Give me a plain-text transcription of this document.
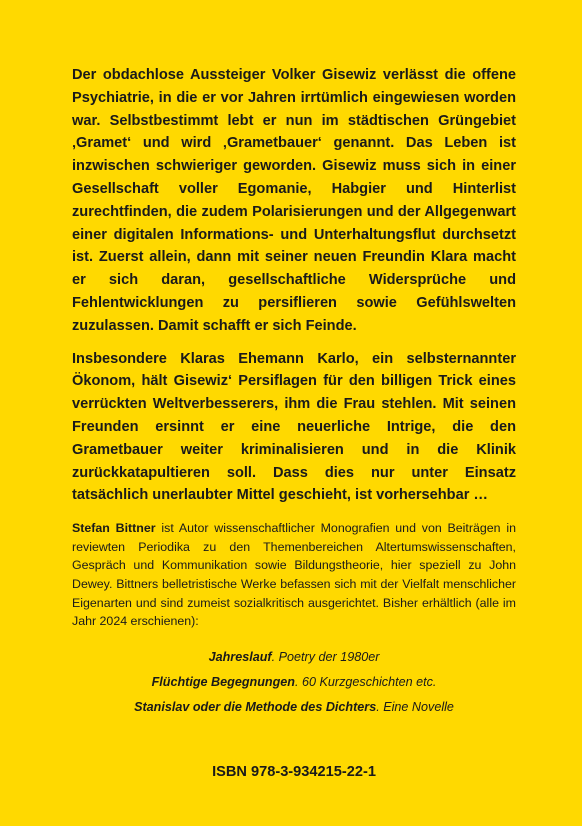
Der obdachlose Aussteiger Volker Gisewiz verlässt die offene Psychiatrie, in die er vor Jahren irrtümlich eingewiesen worden war. Selbstbestimmt lebt er nun im städtischen Grüngebiet ‚Gramet‘ und wird ‚Grametbauer‘ genannt. Das Leben ist inzwischen schwieriger geworden. Gisewiz muss sich in einer Gesellschaft voller Egomanie, Habgier und Hinterlist zurechtfinden, die zudem Polarisierungen und der Allgegenwart einer digitalen Informations- und Unterhaltungsflut durchsetzt ist. Zuerst allein, dann mit seiner neuen Freundin Klara macht er sich daran, gesellschaftliche Widersprüche und Fehlentwicklungen zu persiflieren sowie Gefühlswelten zuzulassen. Damit schafft er sich Feinde.

Insbesondere Klaras Ehemann Karlo, ein selbsternannter Ökonom, hält Gisewiz‘ Persiflagen für den billigen Trick eines verrückten Weltverbesserers, ihm die Frau stehlen. Mit seinen Freunden ersinnt er eine neuerliche Intrige, die den Grametbauer weiter kriminalisieren und in die Klinik zurückkatapultieren soll. Dass dies nur unter Einsatz tatsächlich unerlaubter Mittel geschieht, ist vorhersehbar …

Stefan Bittner ist Autor wissenschaftlicher Monografien und von Beiträgen in reviewten Periodika zu den Themenbereichen Altertumswissenschaften, Gespräch und Kommunikation sowie Bildungstheorie, hier speziell zu John Dewey. Bittners belletristische Werke befassen sich mit der Vielfalt menschlicher Eigenarten und sind zumeist sozialkritisch ausgerichtet. Bisher erhältlich (alle im Jahr 2024 erschienen):
Jahreslauf. Poetry der 1980er
Flüchtige Begegnungen. 60 Kurzgeschichten etc.
Stanislav oder die Methode des Dichters. Eine Novelle
ISBN 978-3-934215-22-1
